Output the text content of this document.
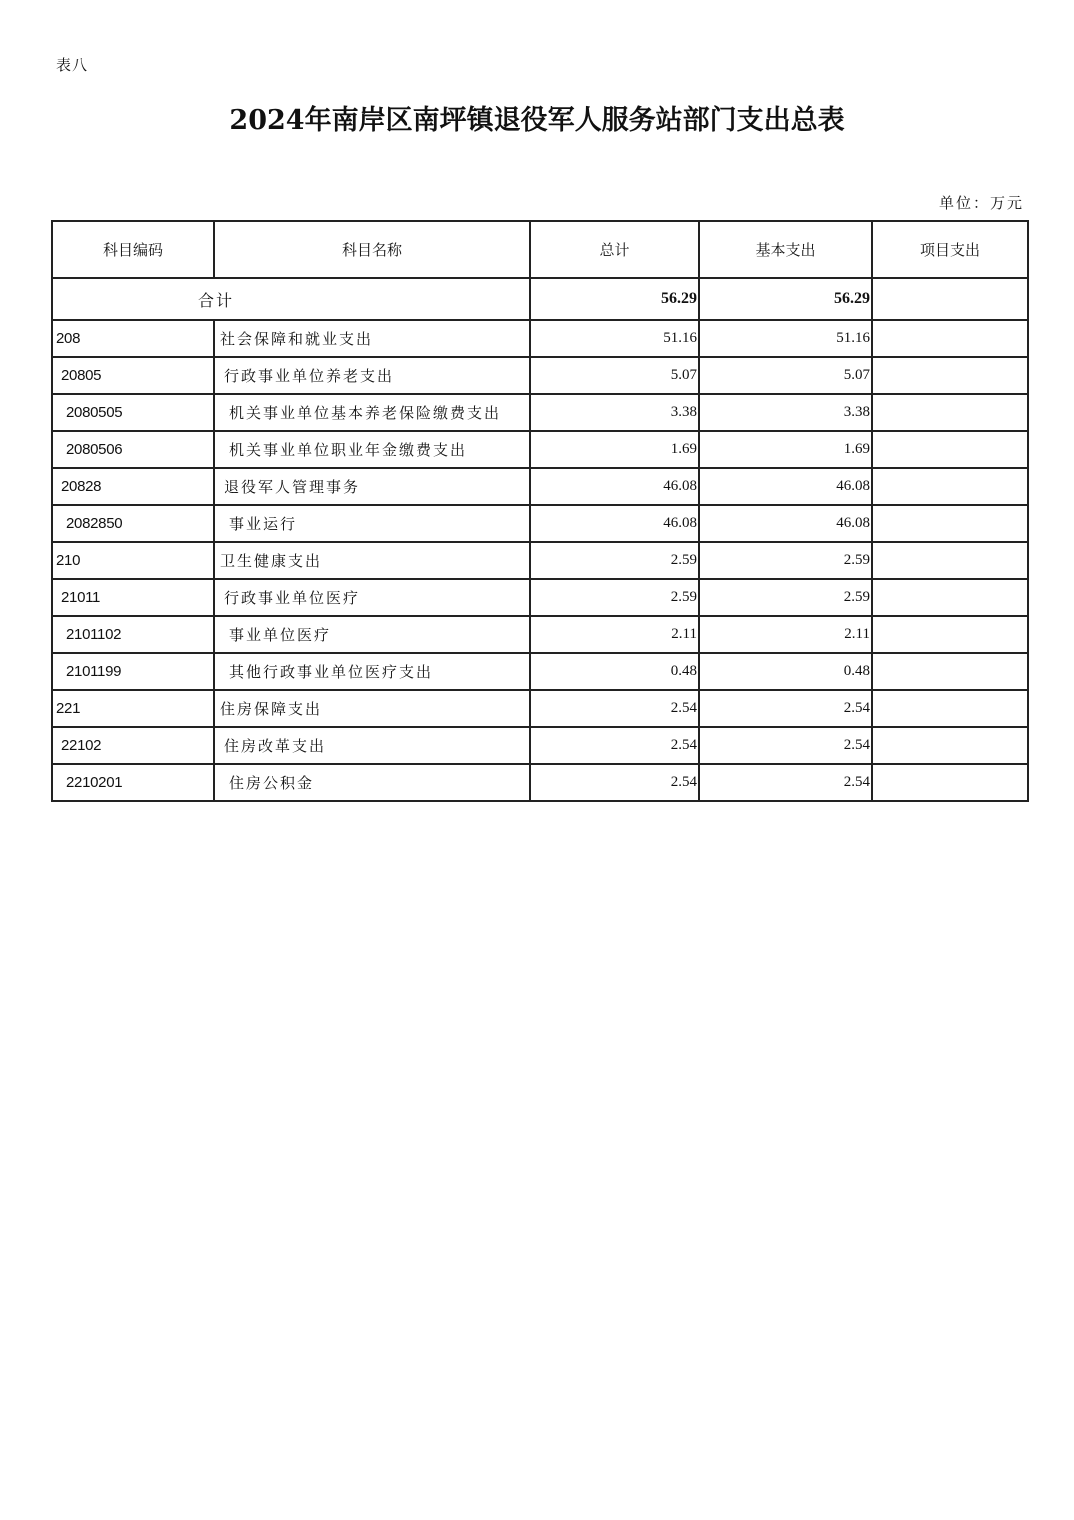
表八
2024年南岸区南坪镇退役军人服务站部门支出总表
单位：万元
科目编码	科目名称	总计	基本支出	项目支出
合计		56.29	56.29	
208	社会保障和就业支出	51.16	51.16	
20805	行政事业单位养老支出	5.07	5.07	
2080505	机关事业单位基本养老保险缴费支出	3.38	3.38	
2080506	机关事业单位职业年金缴费支出	1.69	1.69	
20828	退役军人管理事务	46.08	46.08	
2082850	事业运行	46.08	46.08	
210	卫生健康支出	2.59	2.59	
21011	行政事业单位医疗	2.59	2.59	
2101102	事业单位医疗	2.11	2.11	
2101199	其他行政事业单位医疗支出	0.48	0.48	
221	住房保障支出	2.54	2.54	
22102	住房改革支出	2.54	2.54	
2210201	住房公积金	2.54	2.54	
